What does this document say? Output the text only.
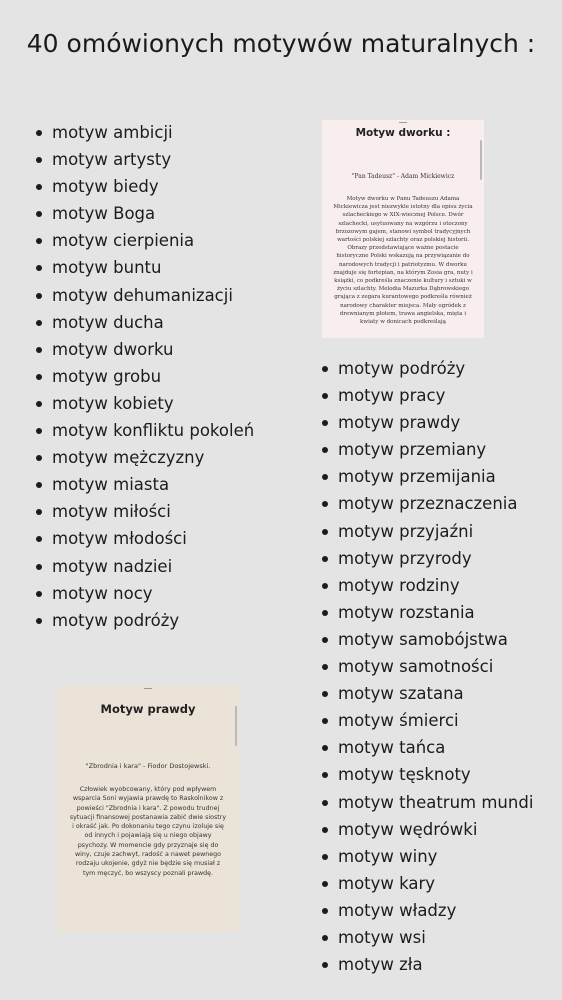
40 omówionych motywów maturalnych :
motyw ambicji
motyw artysty
motyw biedy
motyw Boga
motyw cierpienia
motyw buntu
motyw dehumanizacji
motyw ducha
motyw dworku
motyw grobu
motyw kobiety
motyw konfliktu pokoleń
motyw mężczyzny
motyw miasta
motyw miłości
motyw młodości
motyw nadziei
motyw nocy
motyw podróży
Motyw dworku :
"Pan Tadeusz" - Adam Mickiewicz
Motyw dworku w Panu Tadeuszu Adama Mickiewicza jest niezwykle istotny dla opisu życia szlacheckiego w XIX-wiecznej Polsce. Dwór szlachecki, usytuowany na wzgórzu i otoczony brzozowym gajem, stanowi symbol tradycyjnych wartości polskiej szlachty oraz polskiej historii. Obrazy przedstawiające ważne postacie historyczne Polski wskazują na przywiązanie do narodowych tradycji i patriotyzmu. W dworku znajduje się fortepian, na którym Zosia gra, nuty i książki, co podkreśla znaczenie kultury i sztuki w życiu szlachty. Melodia Mazurka Dąbrowskiego grająca z zegara kurantowego podkreśla również narodowy charakter miejsca. Mały ogródek z drewnianym płotem, trawa angielska, mięta i kwiaty w donicach podkreślają
motyw podróży
motyw pracy
motyw prawdy
motyw przemiany
motyw przemijania
motyw przeznaczenia
motyw przyjaźni
motyw przyrody
motyw rodziny
motyw rozstania
motyw samobójstwa
motyw samotności
motyw szatana
motyw śmierci
motyw tańca
motyw tęsknoty
motyw theatrum mundi
motyw wędrówki
motyw winy
motyw kary
motyw władzy
motyw wsi
motyw zła
Motyw prawdy
"Zbrodnia i kara" - Fiodor Dostojewski.
Człowiek wyobcowany, który pod wpływem wsparcia Soni wyjawia prawdę to Raskolnikow z powieści "Zbrodnia i kara". Z powodu trudnej sytuacji finansowej postanawia zabić dwie siostry i okraść jak. Po dokonaniu tego czynu izoluje się od innych i pojawiają się u niego objawy psychozy. W momencie gdy przyznaje się do winy, czuje zachwyt, radość a nawet pewnego rodzaju ukojenie, gdyż nie będzie się musiał z tym męczyć, bo wszyscy poznali prawdę.
